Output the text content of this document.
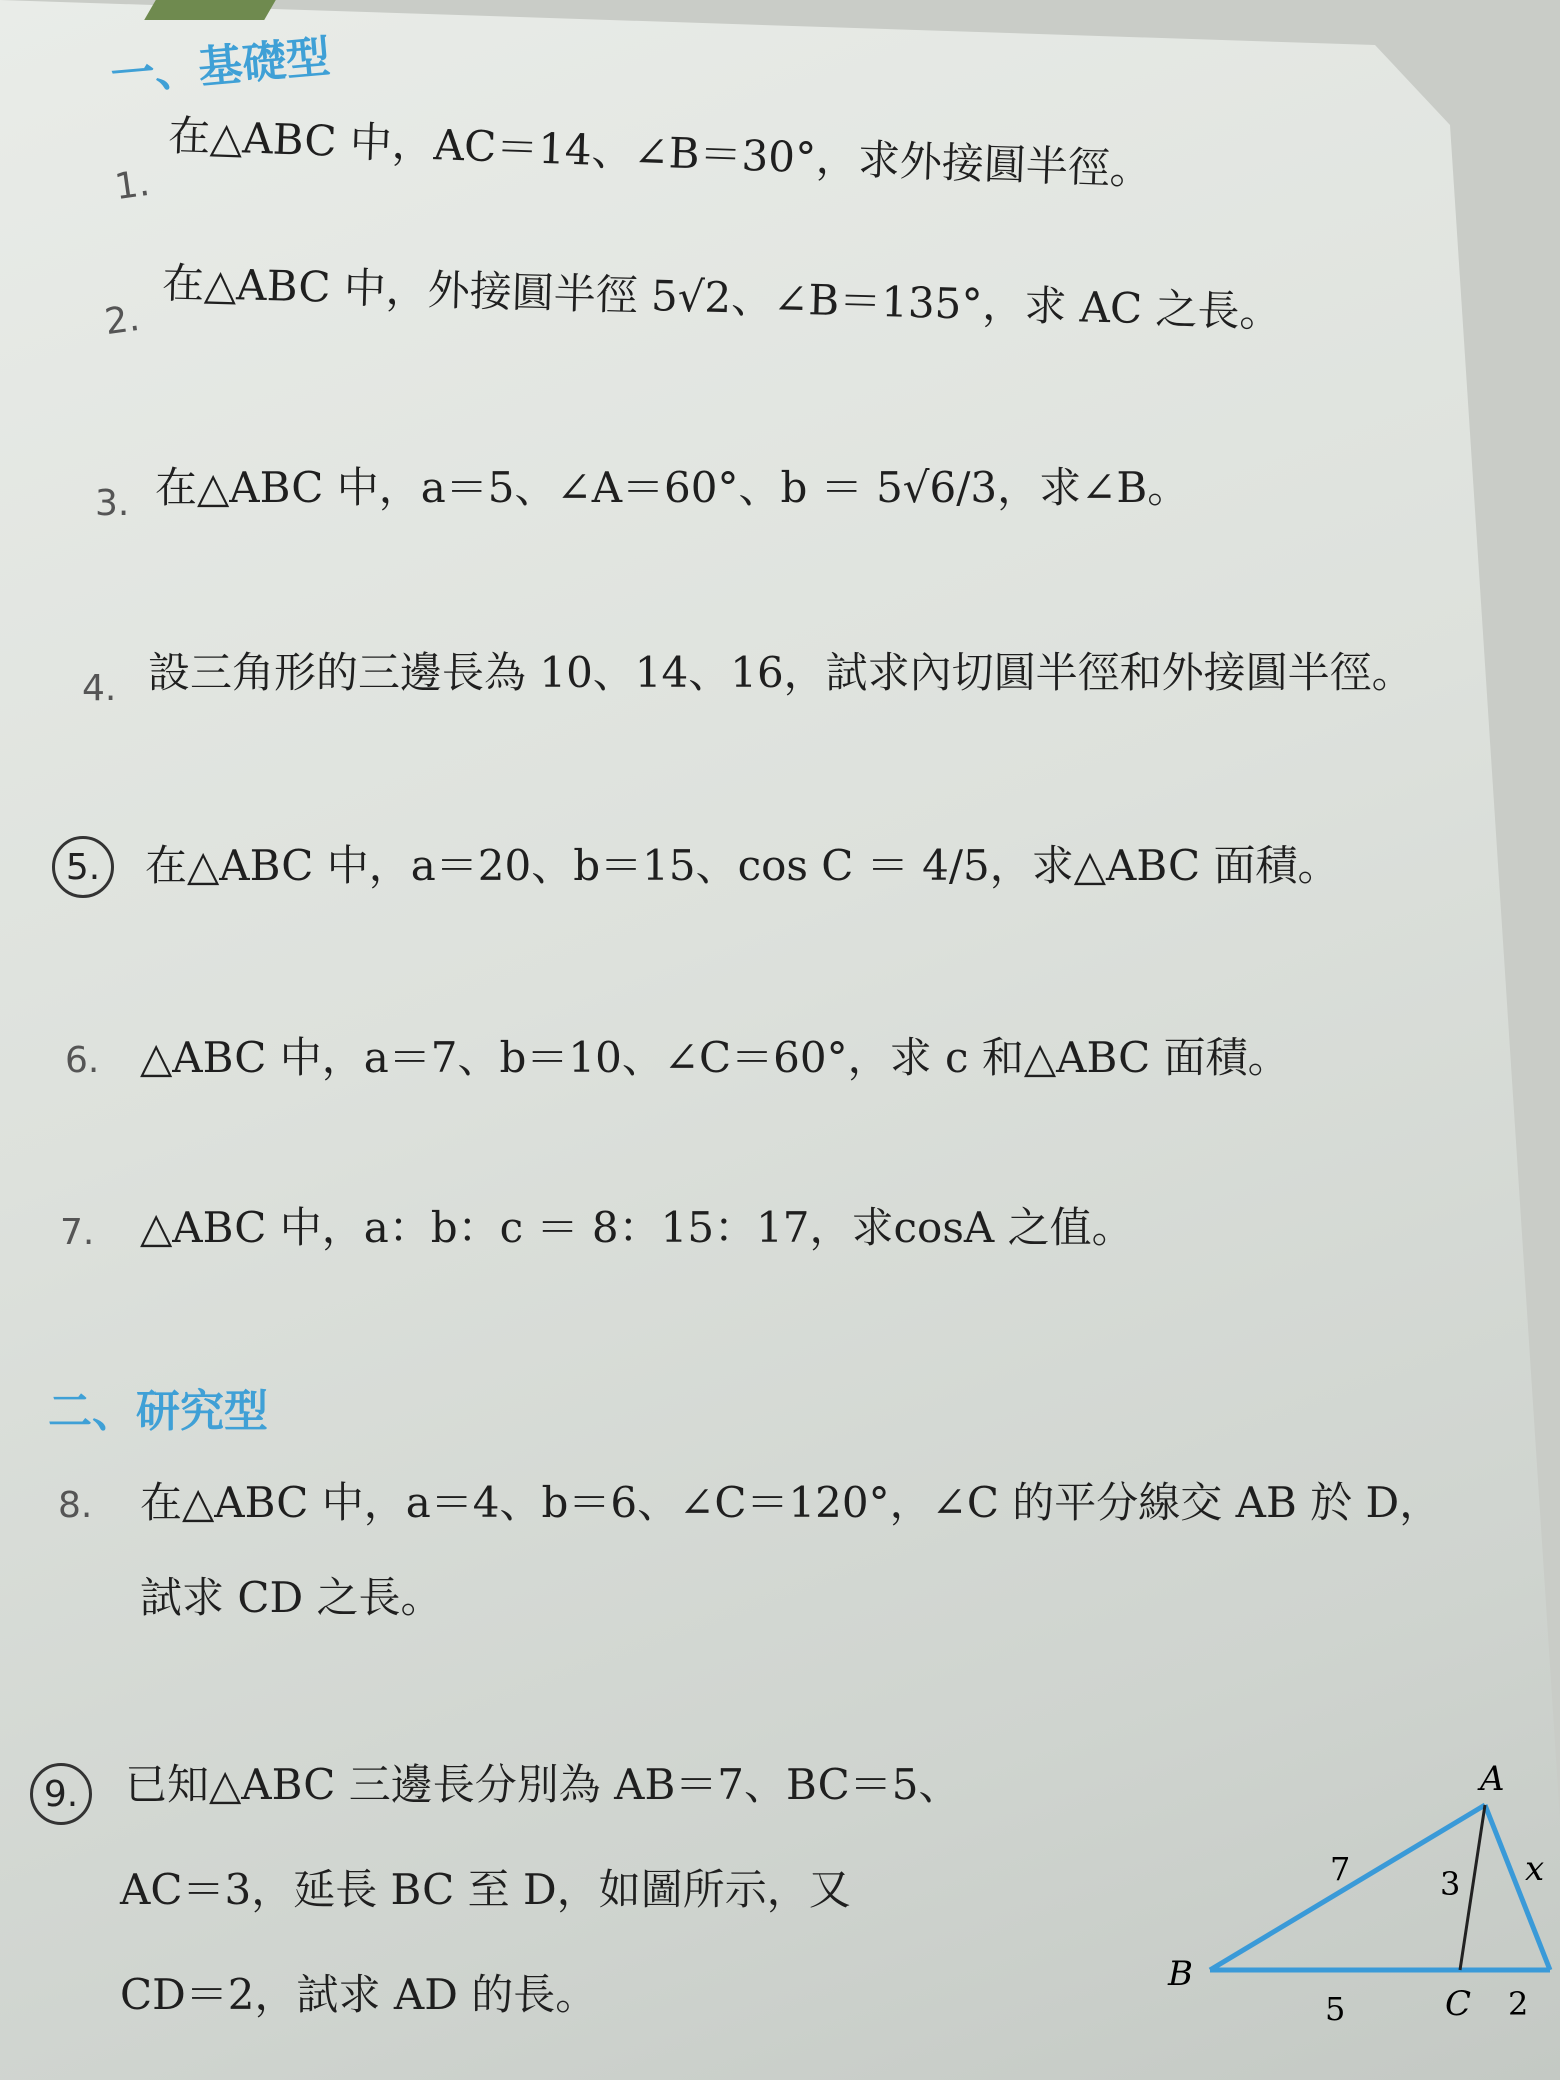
一、基礎型
1. 在△ABC 中，AC＝14、∠B＝30°，求外接圓半徑。
2. 在△ABC 中，外接圓半徑 5√2、∠B＝135°，求 AC 之長。
3. 在△ABC 中，a＝5、∠A＝60°、b ＝ 5√6/3，求∠B。
4. 設三角形的三邊長為 10、14、16，試求內切圓半徑和外接圓半徑。
5.	在△ABC 中，a＝20、b＝15、cos C ＝ 4/5，求△ABC 面積。
6. △ABC 中，a＝7、b＝10、∠C＝60°，求 c 和△ABC 面積。
7. △ABC 中，a：b：c ＝ 8：15：17，求cosA 之值。
二、研究型
8. 在△ABC 中，a＝4、b＝6、∠C＝120°，∠C 的平分線交 AB 於 D，
試求 CD 之長。
9.	已知△ABC 三邊長分別為 AB＝7、BC＝5、
AC＝3，延長 BC 至 D，如圖所示，又
CD＝2，試求 AD 的長。
A
B
C
x
7	3
5	2
